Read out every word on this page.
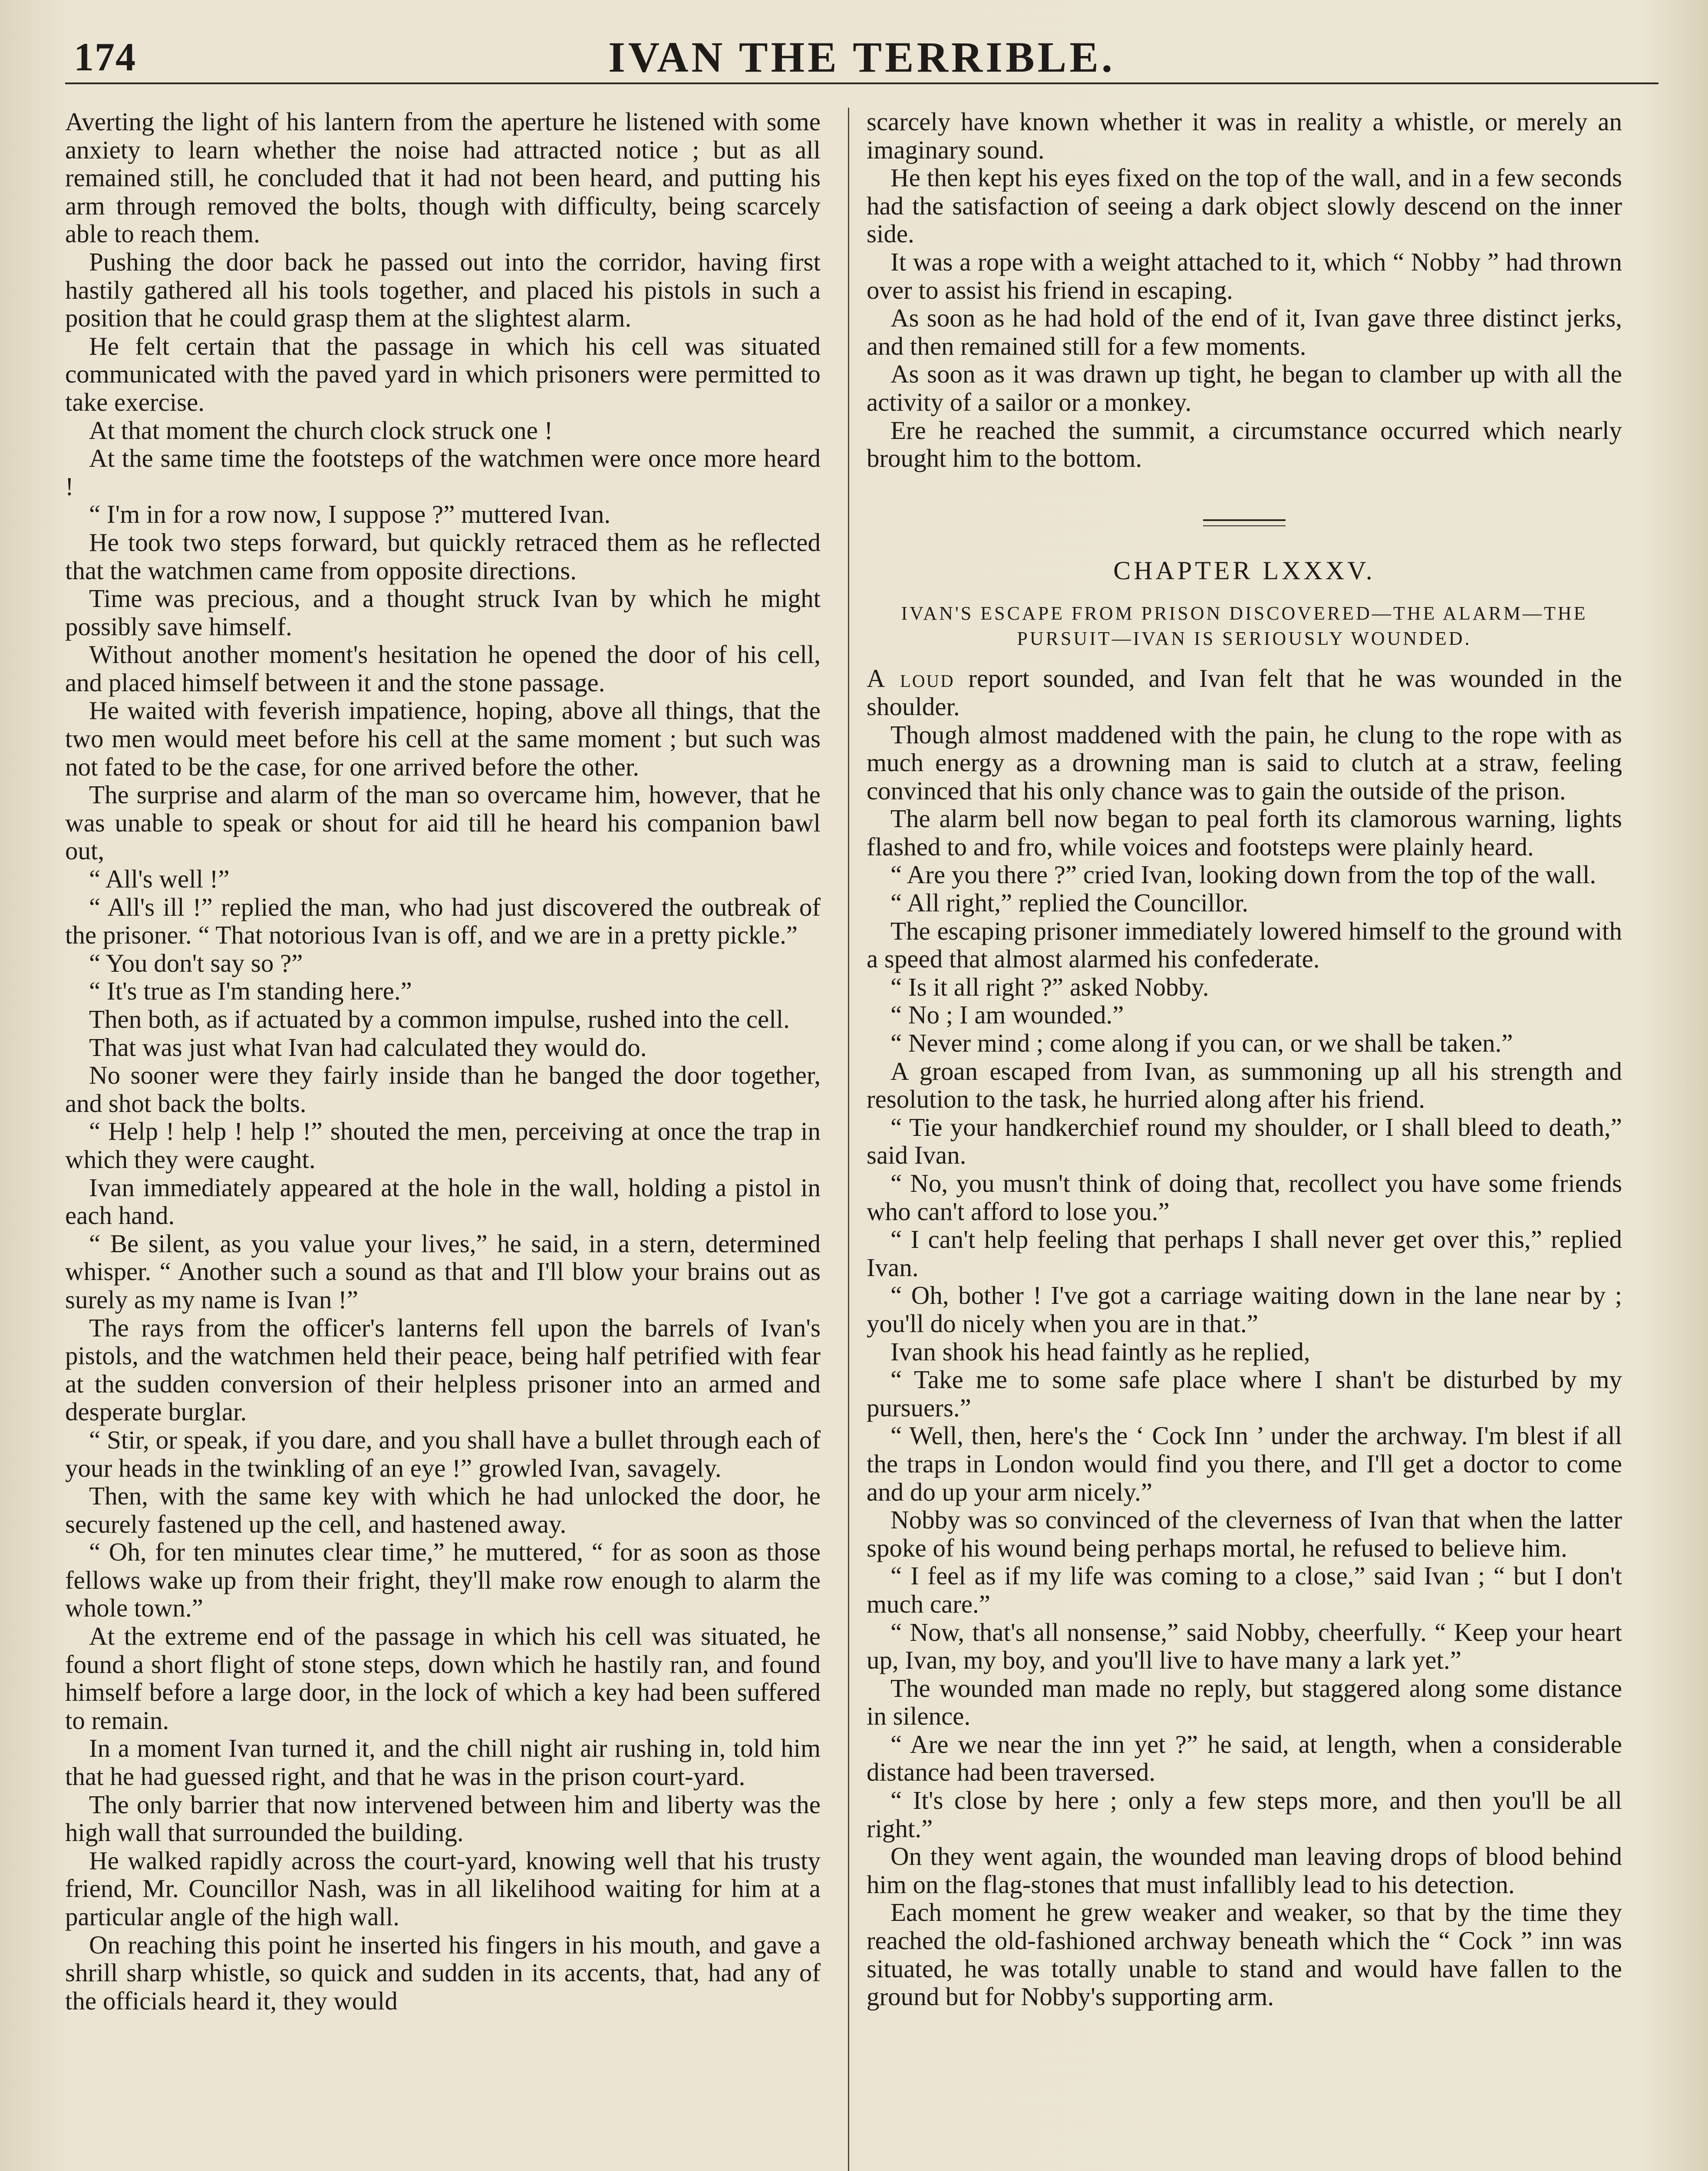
174	IVAN THE TERRIBLE.

Averting the light of his lantern from the aperture he listened with some anxiety to learn whether the noise had attracted notice ; but as all remained still, he concluded that it had not been heard, and putting his arm through removed the bolts, though with difficulty, being scarcely able to reach them.

Pushing the door back he passed out into the corridor, having first hastily gathered all his tools together, and placed his pistols in such a position that he could grasp them at the slightest alarm.

He felt certain that the passage in which his cell was situated communicated with the paved yard in which prisoners were permitted to take exercise.

At that moment the church clock struck one !

At the same time the footsteps of the watchmen were once more heard !

“ I'm in for a row now, I suppose ?” muttered Ivan.

He took two steps forward, but quickly retraced them as he reflected that the watchmen came from opposite directions.

Time was precious, and a thought struck Ivan by which he might possibly save himself.

Without another moment's hesitation he opened the door of his cell, and placed himself between it and the stone passage.

He waited with feverish impatience, hoping, above all things, that the two men would meet before his cell at the same moment ; but such was not fated to be the case, for one arrived before the other.

The surprise and alarm of the man so overcame him, however, that he was unable to speak or shout for aid till he heard his companion bawl out,

“ All's well !”

“ All's ill !” replied the man, who had just discovered the outbreak of the prisoner. “ That notorious Ivan is off, and we are in a pretty pickle.”

“ You don't say so ?”

“ It's true as I'm standing here.”

Then both, as if actuated by a common impulse, rushed into the cell.

That was just what Ivan had calculated they would do.

No sooner were they fairly inside than he banged the door together, and shot back the bolts.

“ Help ! help ! help !” shouted the men, perceiving at once the trap in which they were caught.

Ivan immediately appeared at the hole in the wall, holding a pistol in each hand.

“ Be silent, as you value your lives,” he said, in a stern, determined whisper. “ Another such a sound as that and I'll blow your brains out as surely as my name is Ivan !”

The rays from the officer's lanterns fell upon the barrels of Ivan's pistols, and the watchmen held their peace, being half petrified with fear at the sudden conversion of their helpless prisoner into an armed and desperate burglar.

“ Stir, or speak, if you dare, and you shall have a bullet through each of your heads in the twinkling of an eye !” growled Ivan, savagely.

Then, with the same key with which he had unlocked the door, he securely fastened up the cell, and hastened away.

“ Oh, for ten minutes clear time,” he muttered, “ for as soon as those fellows wake up from their fright, they'll make row enough to alarm the whole town.”

At the extreme end of the passage in which his cell was situated, he found a short flight of stone steps, down which he hastily ran, and found himself before a large door, in the lock of which a key had been suffered to remain.

In a moment Ivan turned it, and the chill night air rushing in, told him that he had guessed right, and that he was in the prison court-yard.

The only barrier that now intervened between him and liberty was the high wall that surrounded the building.

He walked rapidly across the court-yard, knowing well that his trusty friend, Mr. Councillor Nash, was in all likelihood waiting for him at a particular angle of the high wall.

On reaching this point he inserted his fingers in his mouth, and gave a shrill sharp whistle, so quick and sudden in its accents, that, had any of the officials heard it, they would

scarcely have known whether it was in reality a whistle, or merely an imaginary sound.

He then kept his eyes fixed on the top of the wall, and in a few seconds had the satisfaction of seeing a dark object slowly descend on the inner side.

It was a rope with a weight attached to it, which “ Nobby ” had thrown over to assist his friend in escaping.

As soon as he had hold of the end of it, Ivan gave three distinct jerks, and then remained still for a few moments.

As soon as it was drawn up tight, he began to clamber up with all the activity of a sailor or a monkey.

Ere he reached the summit, a circumstance occurred which nearly brought him to the bottom.

CHAPTER LXXXV.
IVAN'S ESCAPE FROM PRISON DISCOVERED—THE ALARM—THE PURSUIT—IVAN IS SERIOUSLY WOUNDED.

A loud report sounded, and Ivan felt that he was wounded in the shoulder.

Though almost maddened with the pain, he clung to the rope with as much energy as a drowning man is said to clutch at a straw, feeling convinced that his only chance was to gain the outside of the prison.

The alarm bell now began to peal forth its clamorous warning, lights flashed to and fro, while voices and footsteps were plainly heard.

“ Are you there ?” cried Ivan, looking down from the top of the wall.

“ All right,” replied the Councillor.

The escaping prisoner immediately lowered himself to the ground with a speed that almost alarmed his confederate.

“ Is it all right ?” asked Nobby.

“ No ; I am wounded.”

“ Never mind ; come along if you can, or we shall be taken.”

A groan escaped from Ivan, as summoning up all his strength and resolution to the task, he hurried along after his friend.

“ Tie your handkerchief round my shoulder, or I shall bleed to death,” said Ivan.

“ No, you musn't think of doing that, recollect you have some friends who can't afford to lose you.”

“ I can't help feeling that perhaps I shall never get over this,” replied Ivan.

“ Oh, bother ! I've got a carriage waiting down in the lane near by ; you'll do nicely when you are in that.”

Ivan shook his head faintly as he replied,

“ Take me to some safe place where I shan't be disturbed by my pursuers.”

“ Well, then, here's the ‘ Cock Inn ’ under the archway. I'm blest if all the traps in London would find you there, and I'll get a doctor to come and do up your arm nicely.”

Nobby was so convinced of the cleverness of Ivan that when the latter spoke of his wound being perhaps mortal, he refused to believe him.

“ I feel as if my life was coming to a close,” said Ivan ; “ but I don't much care.”

“ Now, that's all nonsense,” said Nobby, cheerfully. “ Keep your heart up, Ivan, my boy, and you'll live to have many a lark yet.”

The wounded man made no reply, but staggered along some distance in silence.

“ Are we near the inn yet ?” he said, at length, when a considerable distance had been traversed.

“ It's close by here ; only a few steps more, and then you'll be all right.”

On they went again, the wounded man leaving drops of blood behind him on the flag-stones that must infallibly lead to his detection.

Each moment he grew weaker and weaker, so that by the time they reached the old-fashioned archway beneath which the “ Cock ” inn was situated, he was totally unable to stand and would have fallen to the ground but for Nobby's supporting arm.
